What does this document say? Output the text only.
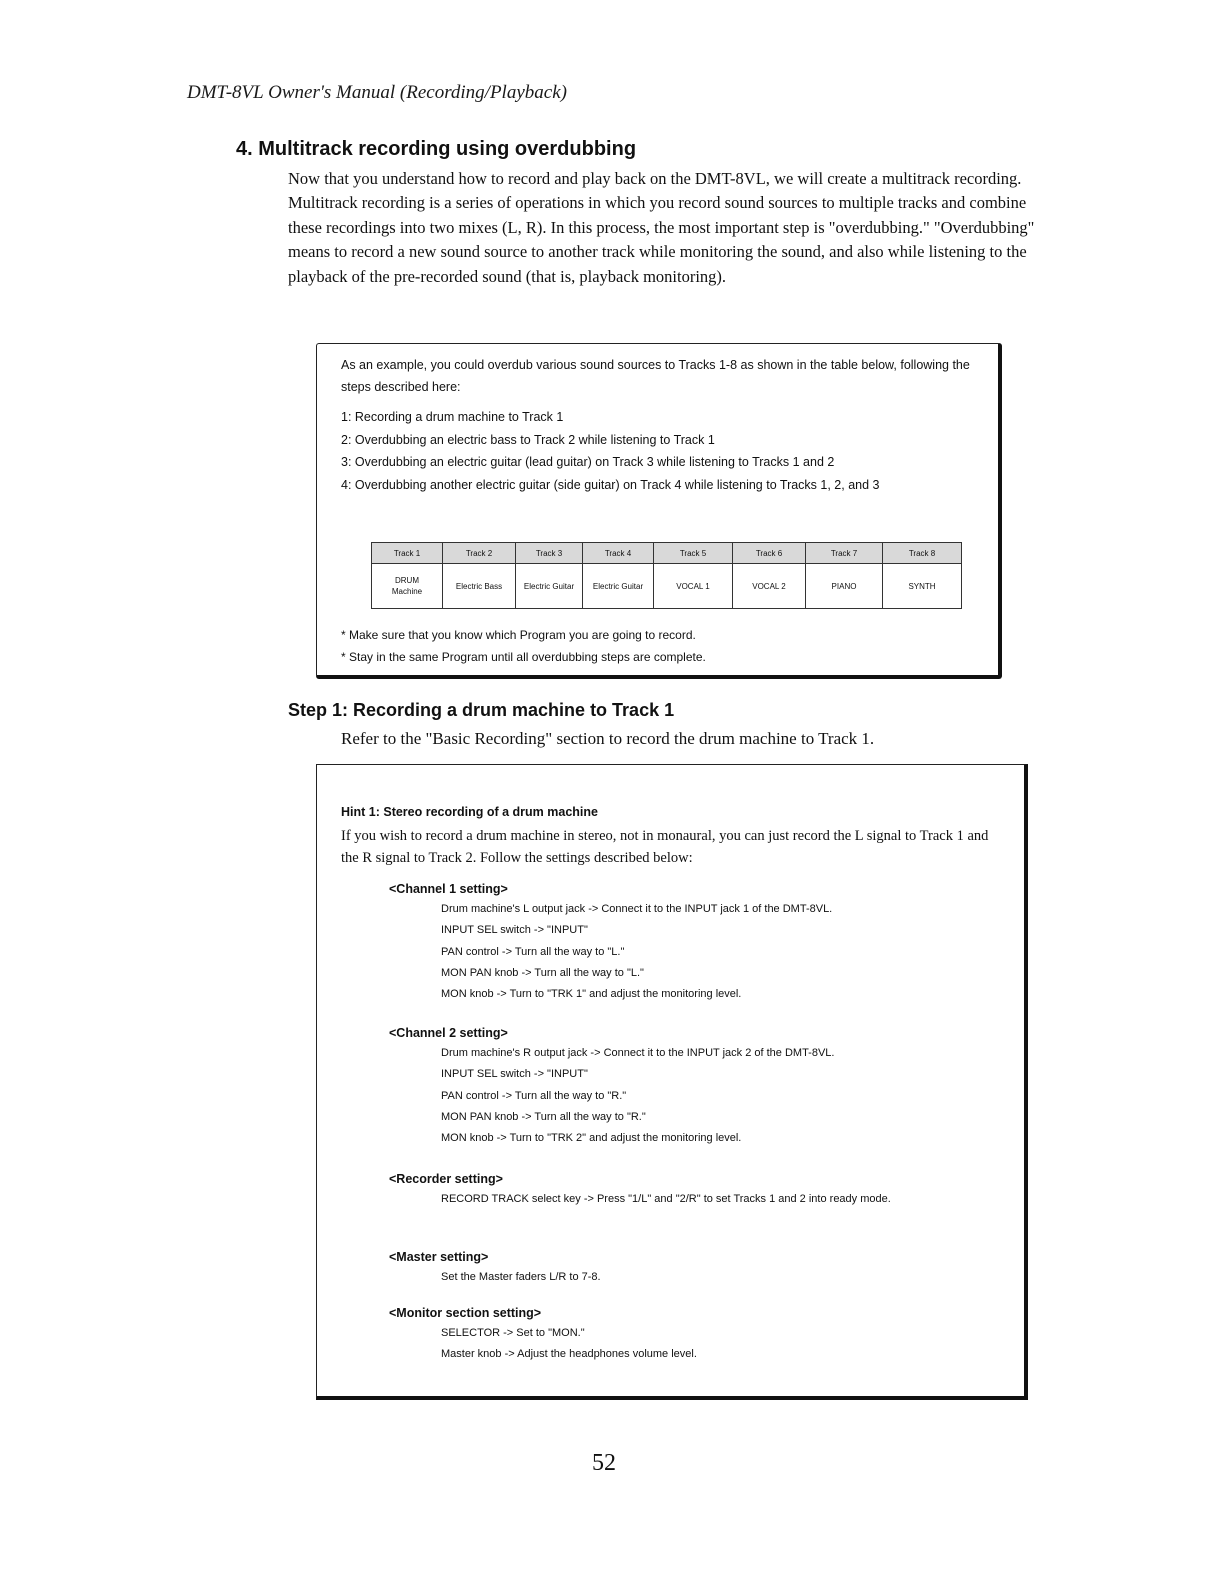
DMT-8VL Owner's Manual (Recording/Playback)
4. Multitrack recording using overdubbing

Now that you understand how to record and play back on the DMT-8VL, we will create a multitrack recording.

Multitrack recording is a series of operations in which you record sound sources to multiple tracks and combine these recordings into two mixes (L, R). In this process, the most important step is "overdubbing." "Overdubbing" means to record a new sound source to another track while monitoring the sound, and also while listening to the playback of the pre-recorded sound (that is, playback monitoring).

As an example, you could overdub various sound sources to Tracks 1-8 as shown in the table below, following the steps described here:

1: Recording a drum machine to Track 1
2: Overdubbing an electric bass to Track 2 while listening to Track 1
3: Overdubbing an electric guitar (lead guitar) on Track 3 while listening to Tracks 1 and 2
4: Overdubbing another electric guitar (side guitar) on Track 4 while listening to Tracks 1, 2, and 3
Track 1	Track 2	Track 3	Track 4	Track 5	Track 6	Track 7	Track 8

DRUM Machine	Electric Bass	Electric Guitar	Electric Guitar	VOCAL 1	VOCAL 2	PIANO	SYNTH
* Make sure that you know which Program you are going to record.
* Stay in the same Program until all overdubbing steps are complete.
Step 1: Recording a drum machine to Track 1
Refer to the "Basic Recording" section to record the drum machine to Track 1.
Hint 1: Stereo recording of a drum machine
If you wish to record a drum machine in stereo, not in monaural, you can just record the L signal to Track 1 and the R signal to Track 2. Follow the settings described below:
<Channel 1 setting>
Drum machine's L output jack -> Connect it to the INPUT jack 1 of the DMT-8VL.
INPUT SEL switch -> "INPUT"
PAN control -> Turn all the way to "L."
MON PAN knob -> Turn all the way to "L."
MON knob -> Turn to "TRK 1" and adjust the monitoring level.
<Channel 2 setting>
Drum machine's R output jack -> Connect it to the INPUT jack 2 of the DMT-8VL.
INPUT SEL switch -> "INPUT"
PAN control -> Turn all the way to "R."
MON PAN knob -> Turn all the way to "R."
MON knob -> Turn to "TRK 2" and adjust the monitoring level.
<Recorder setting>
RECORD TRACK select key -> Press "1/L" and "2/R" to set Tracks 1 and 2 into ready mode.
<Master setting>
Set the Master faders L/R to 7-8.
<Monitor section setting>
SELECTOR -> Set to "MON."
Master knob -> Adjust the headphones volume level.
52
